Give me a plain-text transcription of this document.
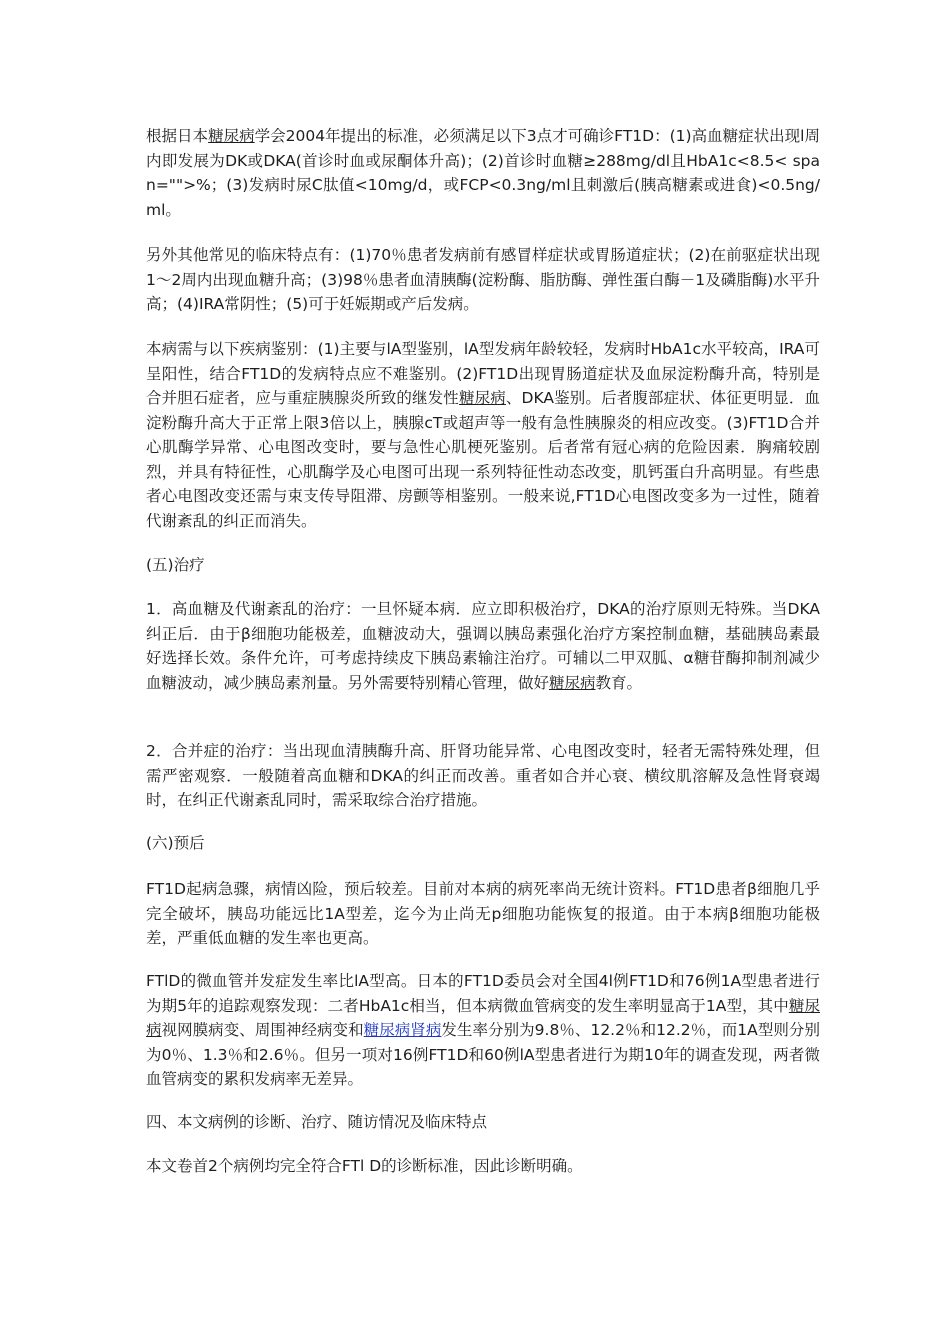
根据日本糖尿病学会2004年提出的标准，必须满足以下3点才可确诊FT1D：(1)高血糖症状出现l周内即发展为DK或DKA(首诊时血或尿酮体升高)；(2)首诊时血糖≥288mg/dl且HbA1c<8.5< span="">%；(3)发病时尿C肽值<10mg/d，或FCP<0.3ng/ml且刺激后(胰高糖素或进食)<0.5ng/ml。

另外其他常见的临床特点有：(1)70％患者发病前有感冒样症状或胃肠道症状；(2)在前驱症状出现1～2周内出现血糖升高；(3)98％患者血清胰酶(淀粉酶、脂肪酶、弹性蛋白酶－1及磷脂酶)水平升高；(4)IRA常阴性；(5)可于妊娠期或产后发病。

本病需与以下疾病鉴别：(1)主要与lA型鉴别，lA型发病年龄较轻，发病时HbA1c水平较高，IRA可呈阳性，结合FT1D的发病特点应不难鉴别。(2)FT1D出现胃肠道症状及血尿淀粉酶升高，特别是合并胆石症者，应与重症胰腺炎所致的继发性糖尿病、DKA鉴别。后者腹部症状、体征更明显．血淀粉酶升高大于正常上限3倍以上，胰腺cT或超声等一般有急性胰腺炎的相应改变。(3)FT1D合并心肌酶学异常、心电图改变时，要与急性心肌梗死鉴别。后者常有冠心病的危险因素．胸痛较剧烈，并具有特征性，心肌酶学及心电图可出现一系列特征性动态改变，肌钙蛋白升高明显。有些患者心电图改变还需与束支传导阻滞、房颤等相鉴别。一般来说,FT1D心电图改变多为一过性，随着代谢紊乱的纠正而消失。

(五)治疗

1．高血糖及代谢紊乱的治疗：一旦怀疑本病．应立即积极治疗，DKA的治疗原则无特殊。当DKA纠正后．由于β细胞功能极差，血糖波动大，强调以胰岛素强化治疗方案控制血糖，基础胰岛素最好选择长效。条件允许，可考虑持续皮下胰岛素输注治疗。可辅以二甲双胍、α糖苷酶抑制剂减少血糖波动，减少胰岛素剂量。另外需要特别精心管理，做好糖尿病教育。

2．合并症的治疗：当出现血清胰酶升高、肝肾功能异常、心电图改变时，轻者无需特殊处理，但需严密观察．一般随着高血糖和DKA的纠正而改善。重者如合并心衰、横纹肌溶解及急性肾衰竭时，在纠正代谢紊乱同时，需采取综合治疗措施。

(六)预后

FT1D起病急骤，病情凶险，预后较差。目前对本病的病死率尚无统计资料。FT1D患者β细胞几乎完全破坏，胰岛功能远比1A型差，迄今为止尚无p细胞功能恢复的报道。由于本病β细胞功能极差，严重低血糖的发生率也更高。

FTlD的微血管并发症发生率比lA型高。日本的FT1D委员会对全国4l例FT1D和76例1A型患者进行为期5年的追踪观察发现：二者HbA1c相当，但本病微血管病变的发生率明显高于1A型，其中糖尿病视网膜病变、周围神经病变和糖尿病肾病发生率分别为9.8％、12.2％和12.2％，而1A型则分别为0％、1.3％和2.6％。但另一项对16例FT1D和60例lA型患者进行为期10年的调查发现，两者微血管病变的累积发病率无差异。

四、本文病例的诊断、治疗、随访情况及临床特点

本文卷首2个病例均完全符合FTl D的诊断标准，因此诊断明确。
